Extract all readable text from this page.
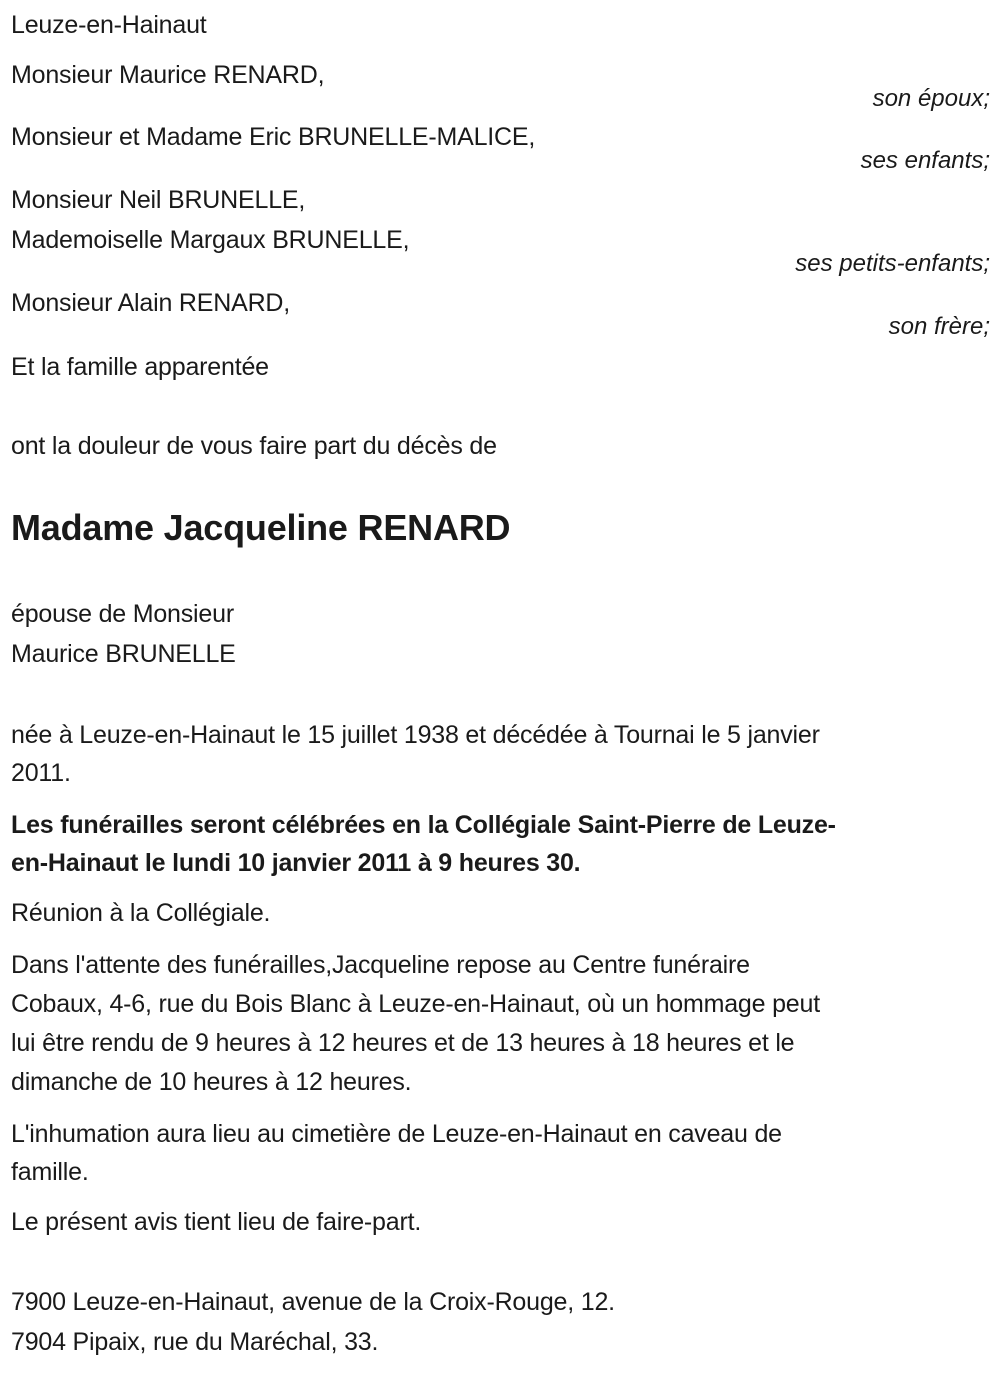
Leuze-en-Hainaut
Monsieur Maurice RENARD,
son époux;
Monsieur et Madame Eric BRUNELLE-MALICE,
ses enfants;
Monsieur Neil BRUNELLE,
Mademoiselle Margaux BRUNELLE,
ses petits-enfants;
Monsieur Alain RENARD,
son frère;
Et la famille apparentée
ont la douleur de vous faire part du décès de
Madame Jacqueline RENARD
épouse de Monsieur
Maurice BRUNELLE
née à Leuze-en-Hainaut le 15 juillet 1938 et décédée à Tournai le 5 janvier
2011.
Les funérailles seront célébrées en la Collégiale Saint-Pierre de Leuze-
en-Hainaut le lundi 10 janvier 2011 à 9 heures 30.
Réunion à la Collégiale.
Dans l'attente des funérailles,Jacqueline repose au Centre funéraire
Cobaux, 4-6, rue du Bois Blanc à Leuze-en-Hainaut, où un hommage peut
lui être rendu de 9 heures à 12 heures et de 13 heures à 18 heures et le
dimanche de 10 heures à 12 heures.
L'inhumation aura lieu au cimetière de Leuze-en-Hainaut en caveau de
famille.
Le présent avis tient lieu de faire-part.
7900 Leuze-en-Hainaut, avenue de la Croix-Rouge, 12.
7904 Pipaix, rue du Maréchal, 33.
